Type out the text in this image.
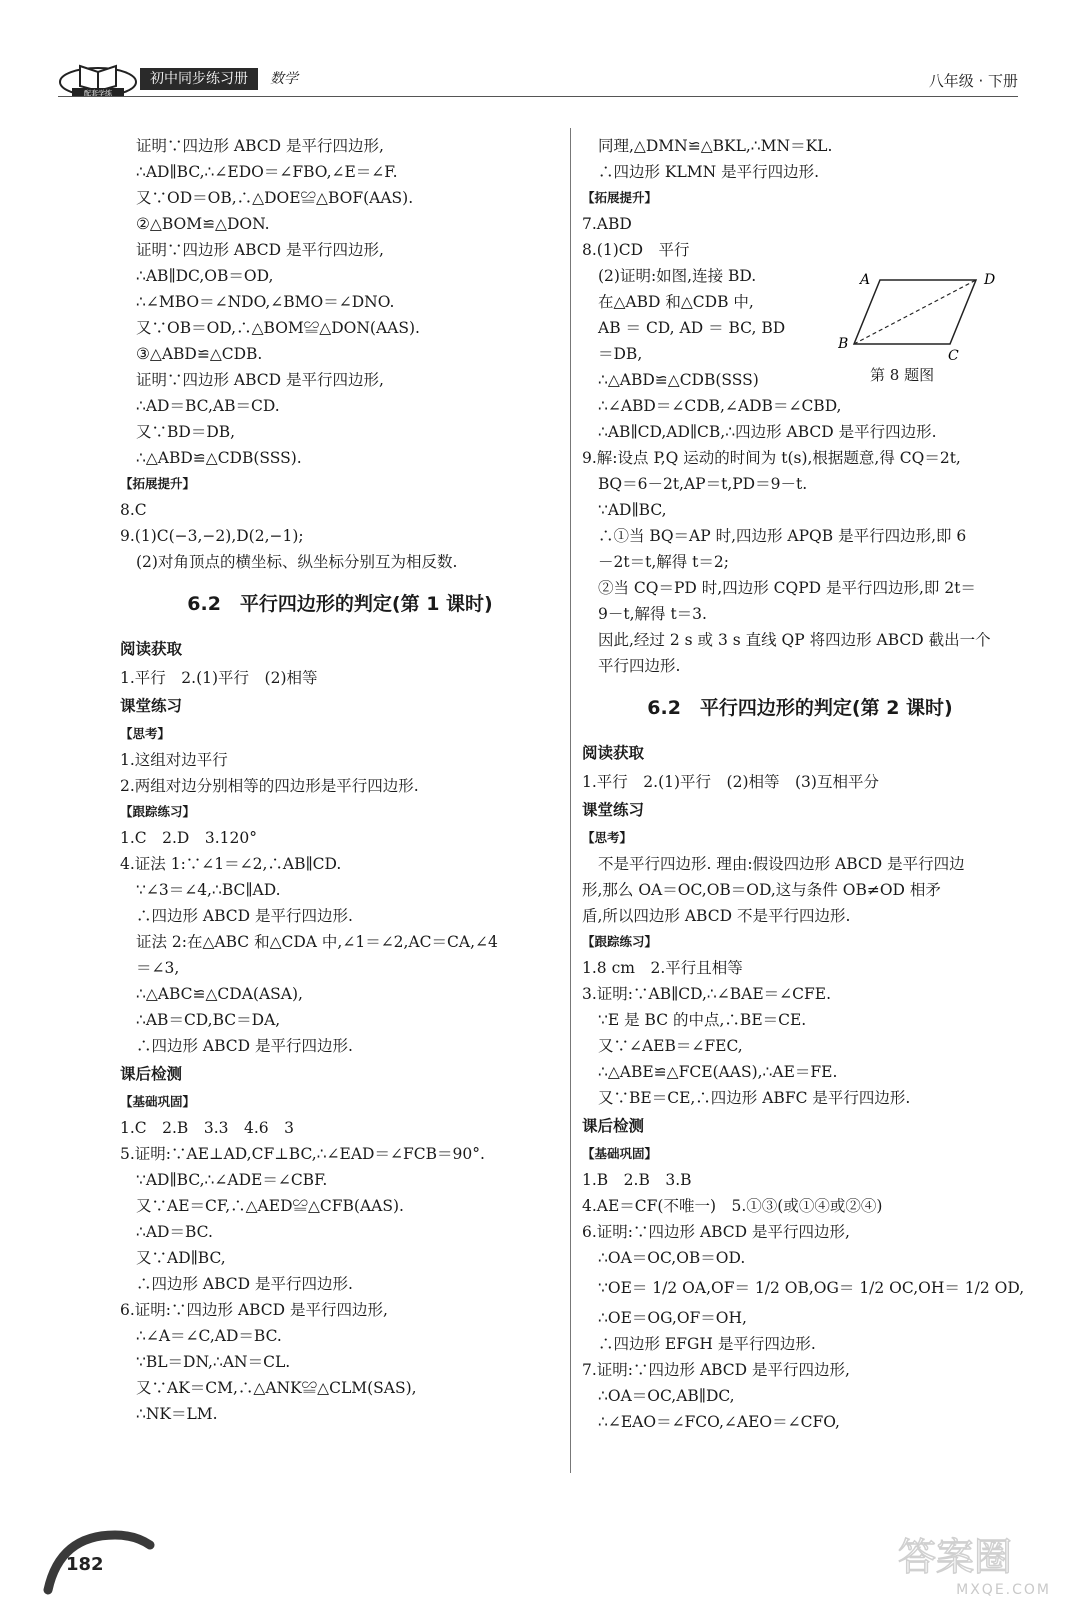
配套学练
初中同步练习册	数学	八年级 · 下册
证明∵四边形 ABCD 是平行四边形,
∴AD∥BC,∴∠EDO＝∠FBO,∠E＝∠F.
又∵OD＝OB,∴△DOE≌△BOF(AAS).
②△BOM≌△DON.
证明∵四边形 ABCD 是平行四边形,
∴AB∥DC,OB＝OD,
∴∠MBO＝∠NDO,∠BMO＝∠DNO.
又∵OB＝OD,∴△BOM≌△DON(AAS).
③△ABD≌△CDB.
证明∵四边形 ABCD 是平行四边形,
∴AD＝BC,AB＝CD.
又∵BD＝DB,
∴△ABD≌△CDB(SSS).
【拓展提升】
8.C
9.(1)C(−3,−2),D(2,−1);
(2)对角顶点的横坐标、纵坐标分别互为相反数.
6.2　平行四边形的判定(第 1 课时)
阅读获取
1.平行　2.(1)平行　(2)相等
课堂练习
【思考】
1.这组对边平行
2.两组对边分别相等的四边形是平行四边形.
【跟踪练习】
1.C　2.D　3.120°
4.证法 1:∵∠1＝∠2,∴AB∥CD.
∵∠3＝∠4,∴BC∥AD.
∴四边形 ABCD 是平行四边形.
证法 2:在△ABC 和△CDA 中,∠1＝∠2,AC＝CA,∠4
＝∠3,
∴△ABC≌△CDA(ASA),
∴AB＝CD,BC＝DA,
∴四边形 ABCD 是平行四边形.
课后检测
【基础巩固】
1.C　2.B　3.3　4.6　3
5.证明:∵AE⊥AD,CF⊥BC,∴∠EAD＝∠FCB＝90°.
∵AD∥BC,∴∠ADE＝∠CBF.
又∵AE＝CF,∴△AED≌△CFB(AAS).
∴AD＝BC.
又∵AD∥BC,
∴四边形 ABCD 是平行四边形.
6.证明:∵四边形 ABCD 是平行四边形,
∴∠A＝∠C,AD＝BC.
∵BL＝DN,∴AN＝CL.
又∵AK＝CM,∴△ANK≌△CLM(SAS),
∴NK＝LM.
同理,△DMN≌△BKL,∴MN＝KL.
∴四边形 KLMN 是平行四边形.
【拓展提升】
7.ABD
8.(1)CD　平行
(2)证明:如图,连接 BD.
在△ABD 和△CDB 中,
AB ＝ CD, AD ＝ BC, BD
＝DB,
∴△ABD≌△CDB(SSS)
∴∠ABD＝∠CDB,∠ADB＝∠CBD,
∴AB∥CD,AD∥CB,∴四边形 ABCD 是平行四边形.
9.解:设点 P,Q 运动的时间为 t(s),根据题意,得 CQ＝2t,
BQ＝6－2t,AP＝t,PD＝9－t.
∵AD∥BC,
∴①当 BQ＝AP 时,四边形 APQB 是平行四边形,即 6
－2t＝t,解得 t＝2;
②当 CQ＝PD 时,四边形 CQPD 是平行四边形,即 2t＝
9－t,解得 t＝3.
因此,经过 2 s 或 3 s 直线 QP 将四边形 ABCD 截出一个
平行四边形.
6.2　平行四边形的判定(第 2 课时)
阅读获取
1.平行　2.(1)平行　(2)相等　(3)互相平分
课堂练习
【思考】
不是平行四边形. 理由:假设四边形 ABCD 是平行四边
形,那么 OA＝OC,OB＝OD,这与条件 OB≠OD 相矛
盾,所以四边形 ABCD 不是平行四边形.
【跟踪练习】
1.8 cm　2.平行且相等
3.证明:∵AB∥CD,∴∠BAE＝∠CFE.
∵E 是 BC 的中点,∴BE＝CE.
又∵∠AEB＝∠FEC,
∴△ABE≌△FCE(AAS),∴AE＝FE.
又∵BE＝CE,∴四边形 ABFC 是平行四边形.
课后检测
【基础巩固】
1.B　2.B　3.B
4.AE＝CF(不唯一)　5.①③(或①④或②④)
6.证明:∵四边形 ABCD 是平行四边形,
∴OA＝OC,OB＝OD.
∵OE＝ 1/2 OA,OF＝ 1/2 OB,OG＝ 1/2 OC,OH＝ 1/2 OD,
∴OE＝OG,OF＝OH,
∴四边形 EFGH 是平行四边形.
7.证明:∵四边形 ABCD 是平行四边形,
∴OA＝OC,AB∥DC,
∴∠EAO＝∠FCO,∠AEO＝∠CFO,
A	D
B
C
第 8 题图
182	答案圈
MXQE.COM
